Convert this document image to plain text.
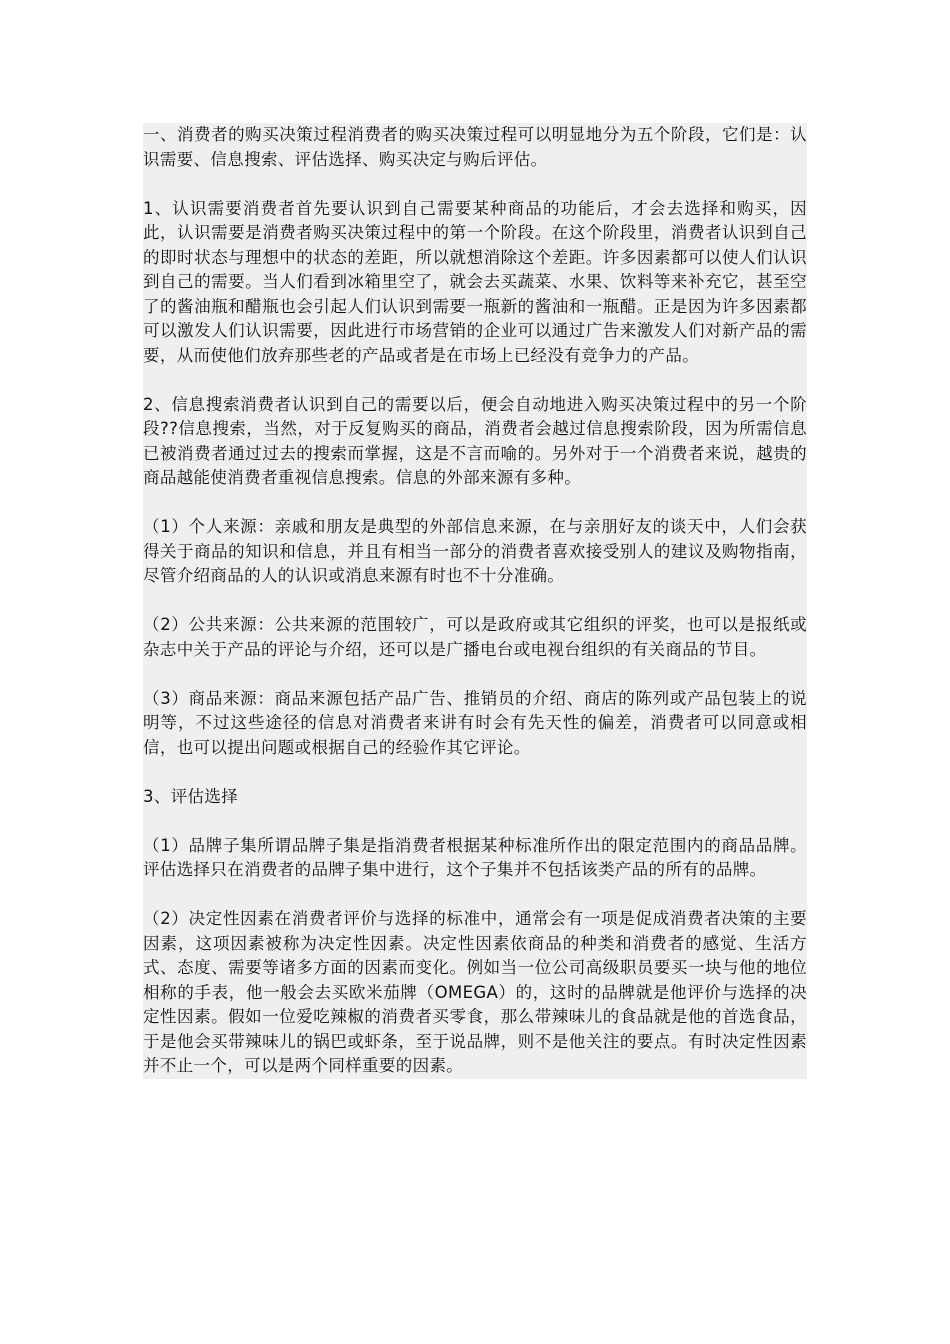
一、消费者的购买决策过程消费者的购买决策过程可以明显地分为五个阶段，它们是：认识需要、信息搜索、评估选择、购买决定与购后评估。

1、认识需要消费者首先要认识到自己需要某种商品的功能后，才会去选择和购买，因此，认识需要是消费者购买决策过程中的第一个阶段。在这个阶段里，消费者认识到自己的即时状态与理想中的状态的差距，所以就想消除这个差距。许多因素都可以使人们认识到自己的需要。当人们看到冰箱里空了，就会去买蔬菜、水果、饮料等来补充它，甚至空了的酱油瓶和醋瓶也会引起人们认识到需要一瓶新的酱油和一瓶醋。正是因为许多因素都可以激发人们认识需要，因此进行市场营销的企业可以通过广告来激发人们对新产品的需要，从而使他们放弃那些老的产品或者是在市场上已经没有竞争力的产品。

2、信息搜索消费者认识到自己的需要以后，便会自动地进入购买决策过程中的另一个阶段??信息搜索，当然，对于反复购买的商品，消费者会越过信息搜索阶段，因为所需信息已被消费者通过过去的搜索而掌握，这是不言而喻的。另外对于一个消费者来说，越贵的商品越能使消费者重视信息搜索。信息的外部来源有多种。

（1）个人来源：亲戚和朋友是典型的外部信息来源，在与亲朋好友的谈天中，人们会获得关于商品的知识和信息，并且有相当一部分的消费者喜欢接受别人的建议及购物指南，尽管介绍商品的人的认识或消息来源有时也不十分准确。

（2）公共来源：公共来源的范围较广，可以是政府或其它组织的评奖，也可以是报纸或杂志中关于产品的评论与介绍，还可以是广播电台或电视台组织的有关商品的节目。

（3）商品来源：商品来源包括产品广告、推销员的介绍、商店的陈列或产品包装上的说明等，不过这些途径的信息对消费者来讲有时会有先天性的偏差，消费者可以同意或相信，也可以提出问题或根据自己的经验作其它评论。

3、评估选择

（1）品牌子集所谓品牌子集是指消费者根据某种标准所作出的限定范围内的商品品牌。评估选择只在消费者的品牌子集中进行，这个子集并不包括该类产品的所有的品牌。

（2）决定性因素在消费者评价与选择的标准中，通常会有一项是促成消费者决策的主要因素，这项因素被称为决定性因素。决定性因素依商品的种类和消费者的感觉、生活方式、态度、需要等诸多方面的因素而变化。例如当一位公司高级职员要买一块与他的地位相称的手表，他一般会去买欧米茄牌（OMEGA）的，这时的品牌就是他评价与选择的决定性因素。假如一位爱吃辣椒的消费者买零食，那么带辣味儿的食品就是他的首选食品，于是他会买带辣味儿的锅巴或虾条，至于说品牌，则不是他关注的要点。有时决定性因素并不止一个，可以是两个同样重要的因素。
